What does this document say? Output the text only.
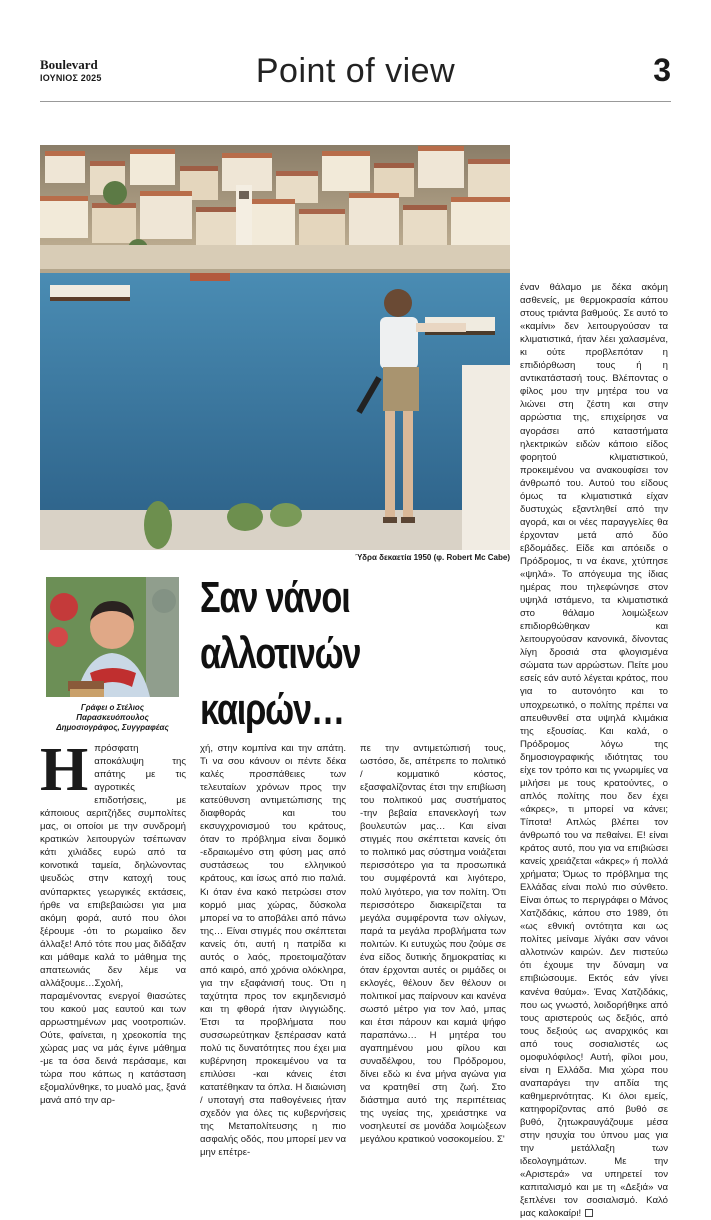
Boulevard
ΙΟΥΝΙΟΣ 2025	Point of view	3
Ύδρα δεκαετία 1950 (φ. Robert Mc Cabe)
Γράφει ο Στέλιος Παρασκευόπουλος Δημοσιογράφος, Συγγραφέας
Σαν νάνοι αλλοτινών καιρών…
Ηπρόσφατη αποκάλυψη της απάτης με τις αγροτικές επιδοτήσεις, με κάποιους αεριτζήδες συμπολίτες μας, οι οποίοι με την συνδρομή κρατικών λειτουργών τσέπωναν κάτι χιλιάδες ευρώ από τα κοινοτικά ταμεία, δηλώνοντας ψευδώς στην κατοχή τους ανύπαρκτες γεωργικές εκτάσεις, ήρθε να επιβεβαιώσει για μια ακόμη φορά, αυτό που όλοι ξέρουμε -ότι το ρωμαίικο δεν άλλαξε! Από τότε που μας διδάξαν και μάθαμε καλά το μάθημα της απατεωνιάς δεν λέμε να αλλάξουμε…Σχολή, παραμένοντας ενεργοί θιασώτες του κακού μας εαυτού και των αρρωστημένων μας νοοτροπιών. Ούτε, φαίνεται, η χρεοκοπία της χώρας μας να μάς έγινε μάθημα -με τα όσα δεινά περάσαμε, και τώρα που κάπως η κατάσταση εξομαλύνθηκε, το μυαλό μας, ξανά μανά από την αρ-
χή, στην κομπίνα και την απάτη. Τι να σου κάνουν οι πέντε δέκα καλές προσπάθειες των τελευταίων χρόνων προς την κατεύθυνση αντιμετώπισης της διαφθοράς και του εκσυγχρονισμού του κράτους, όταν το πρόβλημα είναι δομικό -εδραιωμένο στη φύση μας από συστάσεως του ελληνικού κράτους, και ίσως από πιο παλιά. Κι όταν ένα κακό πετρώσει στον κορμό μιας χώρας, δύσκολα μπορεί να το αποβάλει από πάνω της… Είναι στιγμές που σκέπτεται κανείς ότι, αυτή η πατρίδα κι αυτός ο λαός, προετοιμαζόταν από καιρό, από χρόνια ολόκληρα, για την εξαφάνισή τους. Ότι η ταχύτητα προς τον εκμηδενισμό και τη φθορά ήταν ιλιγγιώδης. Έτσι τα προβλήματα που συσσωρεύτηκαν ξεπέρασαν κατά πολύ τις δυνατότητες που έχει μια κυβέρνηση προκειμένου να τα επιλύσει -και κάνεις έτσι κατατέθηκαν τα όπλα. Η διαιώνιση / υποταγή στα παθογένειες ήταν σχεδόν για όλες τις κυβερνήσεις της Μεταπολίτευσης η πιο ασφαλής οδός, που μπορεί μεν να μην επέτρε-
πε την αντιμετώπισή τους, ωστόσο, δε, απέτρεπε το πολιτικό / κομματικό κόστος, εξασφαλίζοντας έτσι την επιβίωση του πολιτικού μας συστήματος -την βεβαία επανεκλογή των βουλευτών μας… Και είναι στιγμές που σκέπτεται κανείς ότι το πολιτικό μας σύστημα νοιάζεται περισσότερο για τα προσωπικά του συμφέροντά και λιγότερο, πολύ λιγότερο, για τον πολίτη. Ότι περισσότερο διακειρίζεται τα μεγάλα συμφέροντα των ολίγων, παρά τα μεγάλα προβλήματα των πολιτών. Κι ευτυχώς που ζούμε σε ένα είδος δυτικής δημοκρατίας κι όταν έρχονται αυτές οι ριμάδες οι εκλογές, θέλουν δεν θέλουν οι πολιτικοί μας παίρνουν και κανένα σωστό μέτρο για τον λαό, μπας και έτσι πάρουν και καμιά ψήφο παραπάνω… Η μητέρα του αγαπημένου μου φίλου και συναδέλφου, του Πρόδρομου, δίνει εδώ κι ένα μήνα αγώνα για να κρατηθεί στη ζωή. Στο διάστημα αυτό της περιπέτειας της υγείας της, χρειάστηκε να νοσηλευτεί σε μονάδα λοιμώξεων μεγάλου κρατικού νοσοκομείου. Σ'
έναν θάλαμο με δέκα ακόμη ασθενείς, με θερμοκρασία κάπου στους τριάντα βαθμούς. Σε αυτό το «καμίνι» δεν λειτουργούσαν τα κλιματιστικά, ήταν λέει χαλασμένα, κι ούτε προβλεπόταν η επιδιόρθωση τους ή η αντικατάστασή τους. Βλέποντας ο φίλος μου την μητέρα του να λιώνει στη ζέστη και στην αρρώστια της, επιχείρησε να αγοράσει από καταστήματα ηλεκτρικών ειδών κάποιο είδος φορητού κλιματιστικού, προκειμένου να ανακουφίσει τον άνθρωπό του. Αυτού του είδους όμως τα κλιματιστικά είχαν δυστυχώς εξαντληθεί από την αγορά, και οι νέες παραγγελίες θα έρχονταν μετά από δύο εβδομάδες. Είδε και απόειδε ο Πρόδρομος, τι να έκανε, χτύπησε «ψηλά». Το απόγευμα της ίδιας ημέρας που τηλεφώνησε στον υψηλά ιστάμενο, τα κλιματιστικά στο θάλαμο λοιμώξεων επιδιορθώθηκαν και λειτουργούσαν κανονικά, δίνοντας λίγη δροσιά στα φλογισμένα σώματα των αρρώστων. Πείτε μου εσείς εάν αυτό λέγεται κράτος, που για το αυτονόητο και το υποχρεωτικό, ο πολίτης πρέπει να απευθυνθεί στα υψηλά κλιμάκια της εξουσίας. Και καλά, ο Πρόδρομος λόγω της δημοσιογραφικής ιδιότητας του είχε τον τρόπο και τις γνωριμίες να μιλήσει με τους κρατούντες, ο απλός πολίτης που δεν έχει «άκρες», τι μπορεί να κάνει; Τίποτα! Απλώς βλέπει τον άνθρωπό του να πεθαίνει. Ε! είναι κράτος αυτό, που για να επιβιώσει κανείς χρειάζεται «άκρες» ή πολλά χρήματα; Όμως το πρόβλημα της Ελλάδας είναι πολύ πιο σύνθετο. Είναι όπως το περιγράφει ο Μάνος Χατζιδάκις, κάπου στο 1989, ότι «ως εθνική οντότητα και ως πολίτες μείναμε λίγάκι σαν νάνοι αλλοτινών καιρών. Δεν πιστεύω ότι έχουμε την δύναμη να επιβιώσουμε. Εκτός εάν γίνει κανένα θαύμα». Ένας Χατζιδάκις, που ως γνωστό, λοιδορήθηκε από τους αριστερούς ως δεξιός, από τους δεξιούς ως αναρχικός και από τους σοσιαλιστές ως ομοφυλόφιλος! Αυτή, φίλοι μου, είναι η Ελλάδα. Μια χώρα που αναπαράγει την απδία της καθημερινότητας. Κι όλοι εμείς, κατηφορίζοντας από βυθό σε βυθό, ζητωκραυγάζουμε μέσα στην ησυχία του ύπνου μας για την μετάλλαξη των ιδεολογημάτων. Με την «Αριστερά» να υπηρετεί τον καπιταλισμό και με τη «Δεξιά» να ξεπλένει τον σοσιαλισμό. Καλό μας καλοκαίρι!
